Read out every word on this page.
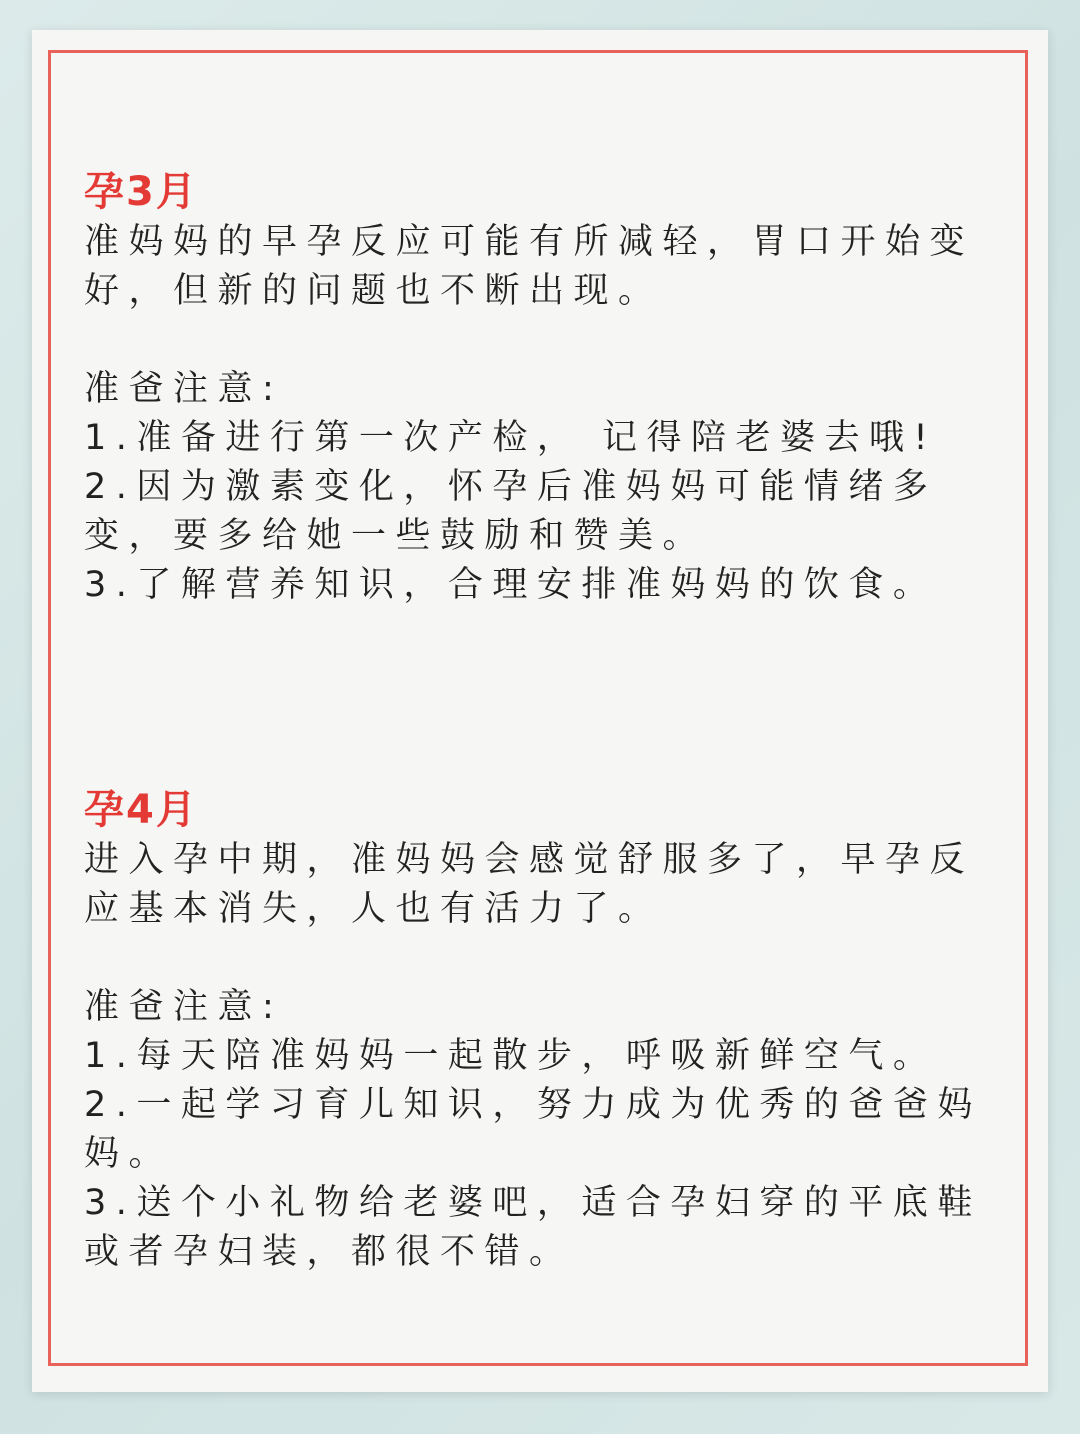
孕3月

准妈妈的早孕反应可能有所减轻，胃口开始变好，但新的问题也不断出现。

准爸注意:

1.准备进行第一次产检， 记得陪老婆去哦!

2.因为激素变化，怀孕后准妈妈可能情绪多变，要多给她一些鼓励和赞美。

3.了解营养知识，合理安排准妈妈的饮食。

孕4月

进入孕中期，准妈妈会感觉舒服多了，早孕反应基本消失，人也有活力了。

准爸注意:

1.每天陪准妈妈一起散步，呼吸新鲜空气。

2.一起学习育儿知识，努力成为优秀的爸爸妈妈。

3.送个小礼物给老婆吧，适合孕妇穿的平底鞋或者孕妇装，都很不错。
